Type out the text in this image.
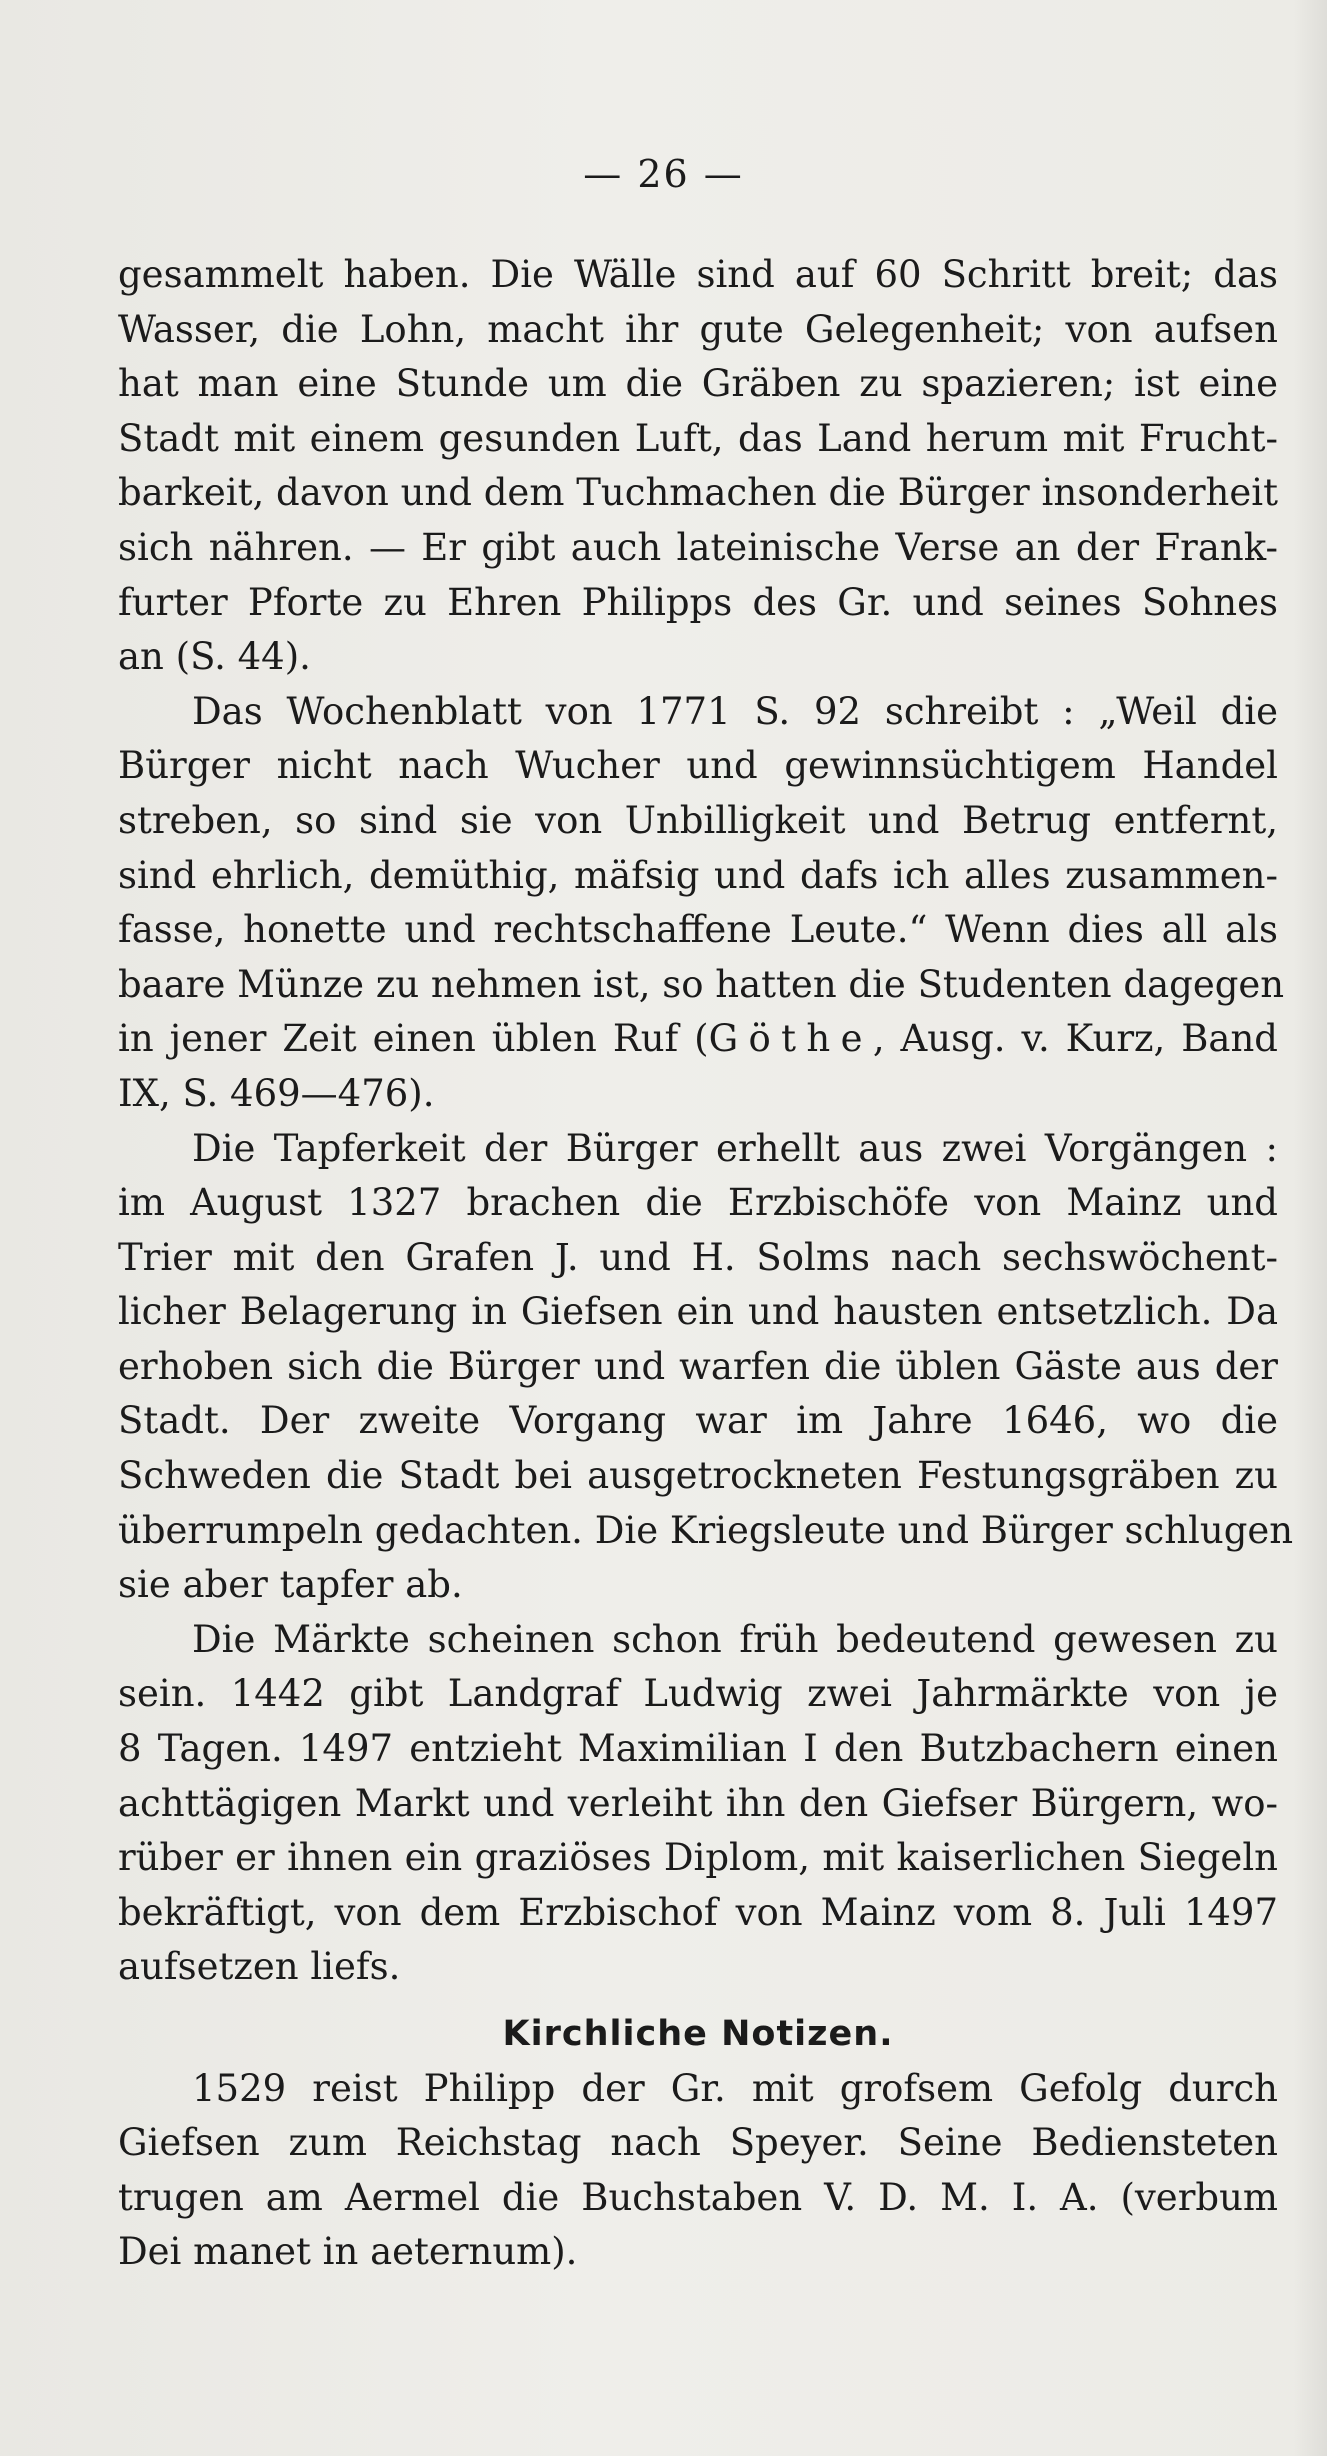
— 26 —
gesammelt haben. Die Wälle sind auf 60 Schritt breit; das
Wasser, die Lohn, macht ihr gute Gelegenheit; von aufsen
hat man eine Stunde um die Gräben zu spazieren; ist eine
Stadt mit einem gesunden Luft, das Land herum mit Frucht-
barkeit, davon und dem Tuchmachen die Bürger insonderheit
sich nähren. — Er gibt auch lateinische Verse an der Frank-
furter Pforte zu Ehren Philipps des Gr. und seines Sohnes
an (S. 44).
Das Wochenblatt von 1771 S. 92 schreibt : „Weil die
Bürger nicht nach Wucher und gewinnsüchtigem Handel
streben, so sind sie von Unbilligkeit und Betrug entfernt,
sind ehrlich, demüthig, mäfsig und dafs ich alles zusammen-
fasse, honette und rechtschaffene Leute.“ Wenn dies all als
baare Münze zu nehmen ist, so hatten die Studenten dagegen
in jener Zeit einen üblen Ruf (Göthe, Ausg. v. Kurz, Band
IX, S. 469—476).
Die Tapferkeit der Bürger erhellt aus zwei Vorgängen :
im August 1327 brachen die Erzbischöfe von Mainz und
Trier mit den Grafen J. und H. Solms nach sechswöchent-
licher Belagerung in Giefsen ein und hausten entsetzlich. Da
erhoben sich die Bürger und warfen die üblen Gäste aus der
Stadt. Der zweite Vorgang war im Jahre 1646, wo die
Schweden die Stadt bei ausgetrockneten Festungsgräben zu
überrumpeln gedachten. Die Kriegsleute und Bürger schlugen
sie aber tapfer ab.
Die Märkte scheinen schon früh bedeutend gewesen zu
sein. 1442 gibt Landgraf Ludwig zwei Jahrmärkte von je
8 Tagen. 1497 entzieht Maximilian I den Butzbachern einen
achttägigen Markt und verleiht ihn den Giefser Bürgern, wo-
rüber er ihnen ein graziöses Diplom, mit kaiserlichen Siegeln
bekräftigt, von dem Erzbischof von Mainz vom 8. Juli 1497
aufsetzen liefs.
Kirchliche Notizen.
1529 reist Philipp der Gr. mit grofsem Gefolg durch
Giefsen zum Reichstag nach Speyer. Seine Bediensteten
trugen am Aermel die Buchstaben V. D. M. I. A. (verbum
Dei manet in aeternum).
